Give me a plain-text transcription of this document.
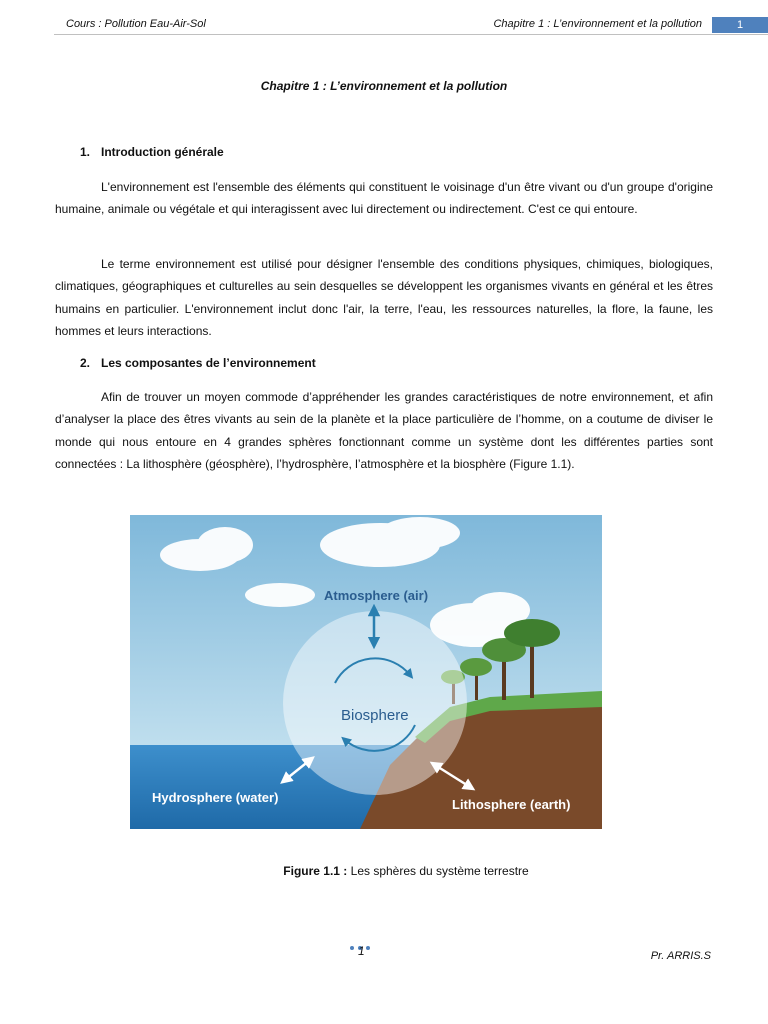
Cours : Pollution Eau-Air-Sol	Chapitre 1 : L’environnement et la pollution	1
Chapitre 1 : L’environnement et la pollution
1. Introduction générale

L'environnement est l'ensemble des éléments qui constituent le voisinage d'un être vivant ou d'un groupe d'origine humaine, animale ou végétale et qui interagissent avec lui directement ou indirectement. C'est ce qui entoure.

Le terme environnement est utilisé pour désigner l'ensemble des conditions physiques, chimiques, biologiques, climatiques, géographiques et culturelles au sein desquelles se développent les organismes vivants en général et les êtres humains en particulier. L'environnement inclut donc l'air, la terre, l'eau, les ressources naturelles, la flore, la faune, les hommes et leurs interactions.

2. Les composantes de l’environnement

Afin de trouver un moyen commode d’appréhender les grandes caractéristiques de notre environnement, et afin d’analyser la place des êtres vivants au sein de la planète et la place particulière de l’homme, on a coutume de diviser le monde qui nous entoure en 4 grandes sphères fonctionnant comme un système dont les différentes parties sont connectées : La lithosphère (géosphère), l’hydrosphère, l’atmosphère et la biosphère (Figure 1.1).

Atmosphere (air)
Biosphere
Hydrosphere (water)	Lithosphere (earth)
Figure 1.1 : Les sphères du système terrestre
1	Pr. ARRIS.S
